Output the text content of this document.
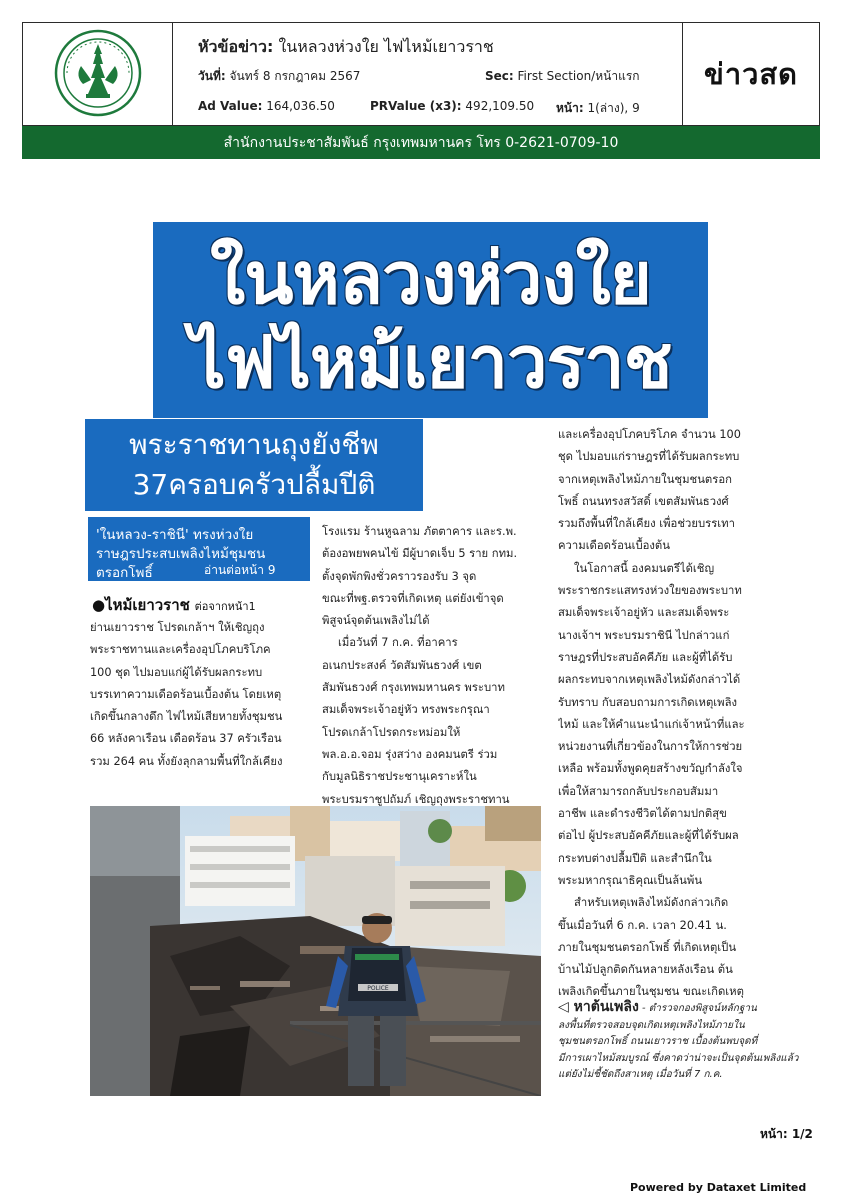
หัวข้อข่าว: ในหลวงห่วงใย ไฟไหม้เยาวราช
วันที่: จันทร์ 8 กรกฎาคม 2567	Sec: First Section/หน้าแรก
Ad Value: 164,036.50	PRValue (x3): 492,109.50 หน้า: 1(ล่าง), 9
ข่าวสด
สำนักงานประชาสัมพันธ์ กรุงเทพมหานคร โทร 0-2621-0709-10
ในหลวงห่วงใย
ไฟไหม้เยาวราช
พระราชทานถุงยังชีพ
37ครอบครัวปลื้มปีติ
'ในหลวง-ราชินี' ทรงห่วงใย
ราษฎรประสบเพลิงไหม้ชุมชน
ตรอกโพธิ์	อ่านต่อหน้า 9
●ไหม้เยาวราช ต่อจากหน้า1
ย่านเยาวราช โปรดเกล้าฯ ให้เชิญถุง
พระราชทานและเครื่องอุปโภคบริโภค
100 ชุด ไปมอบแก่ผู้ได้รับผลกระทบ
บรรเทาความเดือดร้อนเบื้องต้น โดยเหตุ
เกิดขึ้นกลางดึก ไฟไหม้เสียหายทั้งชุมชน
66 หลังคาเรือน เดือดร้อน 37 ครัวเรือน
รวม 264 คน ทั้งยังลุกลามพื้นที่ใกล้เคียง
โรงแรม ร้านหูฉลาม ภัตตาคาร และร.พ.
ต้องอพยพคนไข้ มีผู้บาดเจ็บ 5 ราย กทม.
ตั้งจุดพักพิงชั่วคราวรองรับ 3 จุด
ขณะที่พฐ.ตรวจที่เกิดเหตุ แต่ยังเข้าจุด
พิสูจน์จุดต้นเพลิงไม่ได้
เมื่อวันที่ 7 ก.ค. ที่อาคาร
อเนกประสงค์ วัดสัมพันธวงศ์ เขต
สัมพันธวงศ์ กรุงเทพมหานคร พระบาท
สมเด็จพระเจ้าอยู่หัว ทรงพระกรุณา
โปรดเกล้าโปรดกระหม่อมให้
พล.อ.อ.จอม รุ่งสว่าง องคมนตรี ร่วม
กับมูลนิธิราชประชานุเคราะห์ใน
พระบรมราชูปถัมภ์ เชิญถุงพระราชทาน
และเครื่องอุปโภคบริโภค จำนวน 100
ชุด ไปมอบแก่ราษฎรที่ได้รับผลกระทบ
จากเหตุเพลิงไหม้ภายในชุมชนตรอก
โพธิ์ ถนนทรงสวัสดิ์ เขตสัมพันธวงศ์
รวมถึงพื้นที่ใกล้เคียง เพื่อช่วยบรรเทา
ความเดือดร้อนเบื้องต้น
ในโอกาสนี้ องคมนตรีได้เชิญ
พระราชกระแสทรงห่วงใยของพระบาท
สมเด็จพระเจ้าอยู่หัว และสมเด็จพระ
นางเจ้าฯ พระบรมราชินี ไปกล่าวแก่
ราษฎรที่ประสบอัคคีภัย และผู้ที่ได้รับ
ผลกระทบจากเหตุเพลิงไหม้ดังกล่าวได้
รับทราบ กับสอบถามการเกิดเหตุเพลิง
ไหม้ และให้คำแนะนำแก่เจ้าหน้าที่และ
หน่วยงานที่เกี่ยวข้องในการให้การช่วย
เหลือ พร้อมทั้งพูดคุยสร้างขวัญกำลังใจ
เพื่อให้สามารถกลับประกอบสัมมา
อาชีพ และดำรงชีวิตได้ตามปกติสุข
ต่อไป ผู้ประสบอัคคีภัยและผู้ที่ได้รับผล
กระทบต่างปลื้มปีติ และสำนึกใน
พระมหากรุณาธิคุณเป็นล้นพ้น
สำหรับเหตุเพลิงไหม้ดังกล่าวเกิด
ขึ้นเมื่อวันที่ 6 ก.ค. เวลา 20.41 น.
ภายในชุมชนตรอกโพธิ์ ที่เกิดเหตุเป็น
บ้านไม้ปลูกติดกันหลายหลังเรือน ต้น
เพลิงเกิดขึ้นภายในชุมชน ขณะเกิดเหตุ
POLICE
◁ หาต้นเพลิง - ตำรวจกองพิสูจน์หลักฐาน
ลงพื้นที่ตรวจสอบจุดเกิดเหตุเพลิงไหม้ภายใน
ชุมชนตรอกโพธิ์ ถนนเยาวราช เบื้องต้นพบจุดที่
มีการเผาไหม้สมบูรณ์ ซึ่งคาดว่าน่าจะเป็นจุดต้นเพลิงแล้ว
แต่ยังไม่ชี้ชัดถึงสาเหตุ เมื่อวันที่ 7 ก.ค.
หน้า: 1/2
Powered by Dataxet Limited
